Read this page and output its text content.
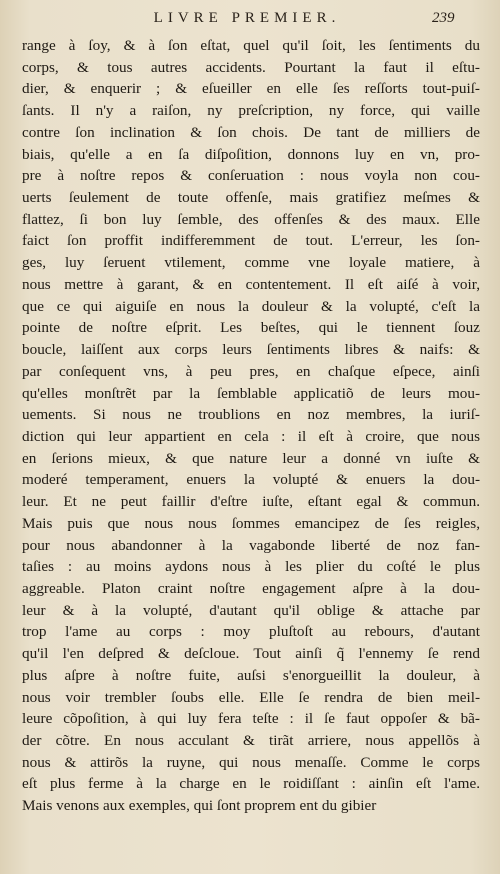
LIVRE PREMIER.	239
range à ſoy, & à ſon eſtat, quel qu'il ſoit, les ſentiments du
corps, & tous autres accidents. Pourtant la faut il eſtu-
dier, & enquerir ; & eſueiller en elle ſes reſſorts tout-puiſ-
ſants. Il n'y a raiſon, ny preſcription, ny force, qui vaille
contre ſon inclination & ſon chois. De tant de milliers de
biais, qu'elle a en ſa diſpoſition, donnons luy en vn, pro-
pre à noſtre repos & conſeruation : nous voyla non cou-
uerts ſeulement de toute offenſe, mais gratifiez meſmes &
flattez, ſi bon luy ſemble, des offenſes & des maux. Elle
faict ſon proffit indifferemment de tout. L'erreur, les ſon-
ges, luy ſeruent vtilement, comme vne loyale matiere, à
nous mettre à garant, & en contentement. Il eſt aiſé à voir,
que ce qui aiguiſe en nous la douleur & la volupté, c'eſt la
pointe de noſtre eſprit. Les beſtes, qui le tiennent ſouz
boucle, laiſſent aux corps leurs ſentiments libres & naifs: &
par conſequent vns, à peu pres, en chaſque eſpece, ainſi
qu'elles monſtrẽt par la ſemblable applicatiõ de leurs mou-
uements. Si nous ne troublions en noz membres, la iuriſ-
diction qui leur appartient en cela : il eſt à croire, que nous
en ſerions mieux, & que nature leur a donné vn iuſte &
moderé temperament, enuers la volupté & enuers la dou-
leur. Et ne peut faillir d'eſtre iuſte, eſtant egal & commun.
Mais puis que nous nous ſommes emancipez de ſes reigles,
pour nous abandonner à la vagabonde liberté de noz fan-
taſies : au moins aydons nous à les plier du coſté le plus
aggreable. Platon craint noſtre engagement aſpre à la dou-
leur & à la volupté, d'autant qu'il oblige & attache par
trop l'ame au corps : moy pluſtoſt au rebours, d'autant
qu'il l'en deſpred & deſcloue. Tout ainſi q̃ l'ennemy ſe rend
plus aſpre à noſtre fuite, auſsi s'enorgueillit la douleur, à
nous voir trembler ſoubs elle. Elle ſe rendra de bien meil-
leure cõpoſition, à qui luy fera teſte : il ſe faut oppoſer & bã-
der cõtre. En nous acculant & tirãt arriere, nous appellõs à
nous & attirõs la ruyne, qui nous menaſſe. Comme le corps
eſt plus ferme à la charge en le roidiſſant : ainſin eſt l'ame.
Mais venons aux exemples, qui ſont proprem ent du gibier
